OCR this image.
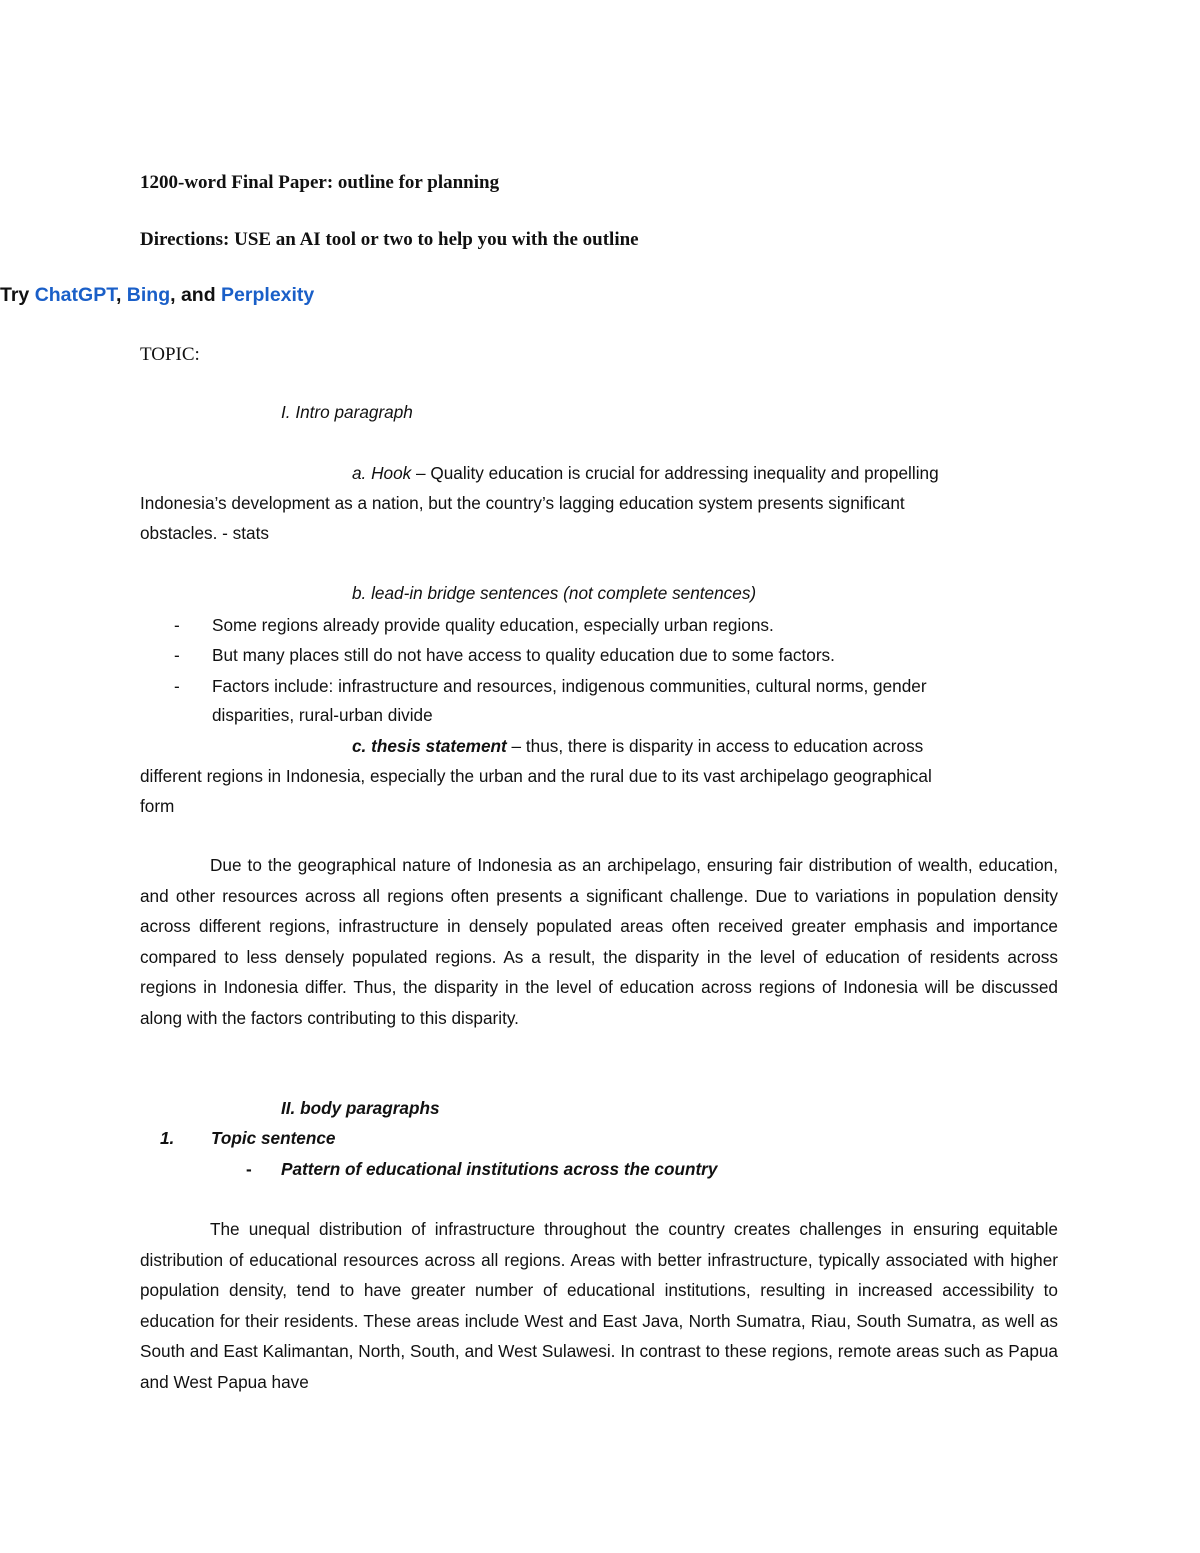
1200-word Final Paper: outline for planning
Directions: USE an AI tool or two to help you with the outline
Try ChatGPT, Bing, and Perplexity
TOPIC:
I. Intro paragraph
a. Hook – Quality education is crucial for addressing inequality and propelling
Indonesia’s development as a nation, but the country’s lagging education system presents significant
obstacles. - stats
b. lead-in bridge sentences (not complete sentences)
- Some regions already provide quality education, especially urban regions.
- But many places still do not have access to quality education due to some factors.
- Factors include: infrastructure and resources, indigenous communities, cultural norms, gender
disparities, rural-urban divide
c. thesis statement – thus, there is disparity in access to education across
different regions in Indonesia, especially the urban and the rural due to its vast archipelago geographical
form

Due to the geographical nature of Indonesia as an archipelago, ensuring fair distribution of wealth, education, and other resources across all regions often presents a significant challenge. Due to variations in population density across different regions, infrastructure in densely populated areas often received greater emphasis and importance compared to less densely populated regions. As a result, the disparity in the level of education of residents across regions in Indonesia differ. Thus, the disparity in the level of education across regions of Indonesia will be discussed along with the factors contributing to this disparity.

II. body paragraphs
1. Topic sentence
- Pattern of educational institutions across the country

The unequal distribution of infrastructure throughout the country creates challenges in ensuring equitable distribution of educational resources across all regions. Areas with better infrastructure, typically associated with higher population density, tend to have greater number of educational institutions, resulting in increased accessibility to education for their residents. These areas include West and East Java, North Sumatra, Riau, South Sumatra, as well as South and East Kalimantan, North, South, and West Sulawesi. In contrast to these regions, remote areas such as Papua and West Papua have
